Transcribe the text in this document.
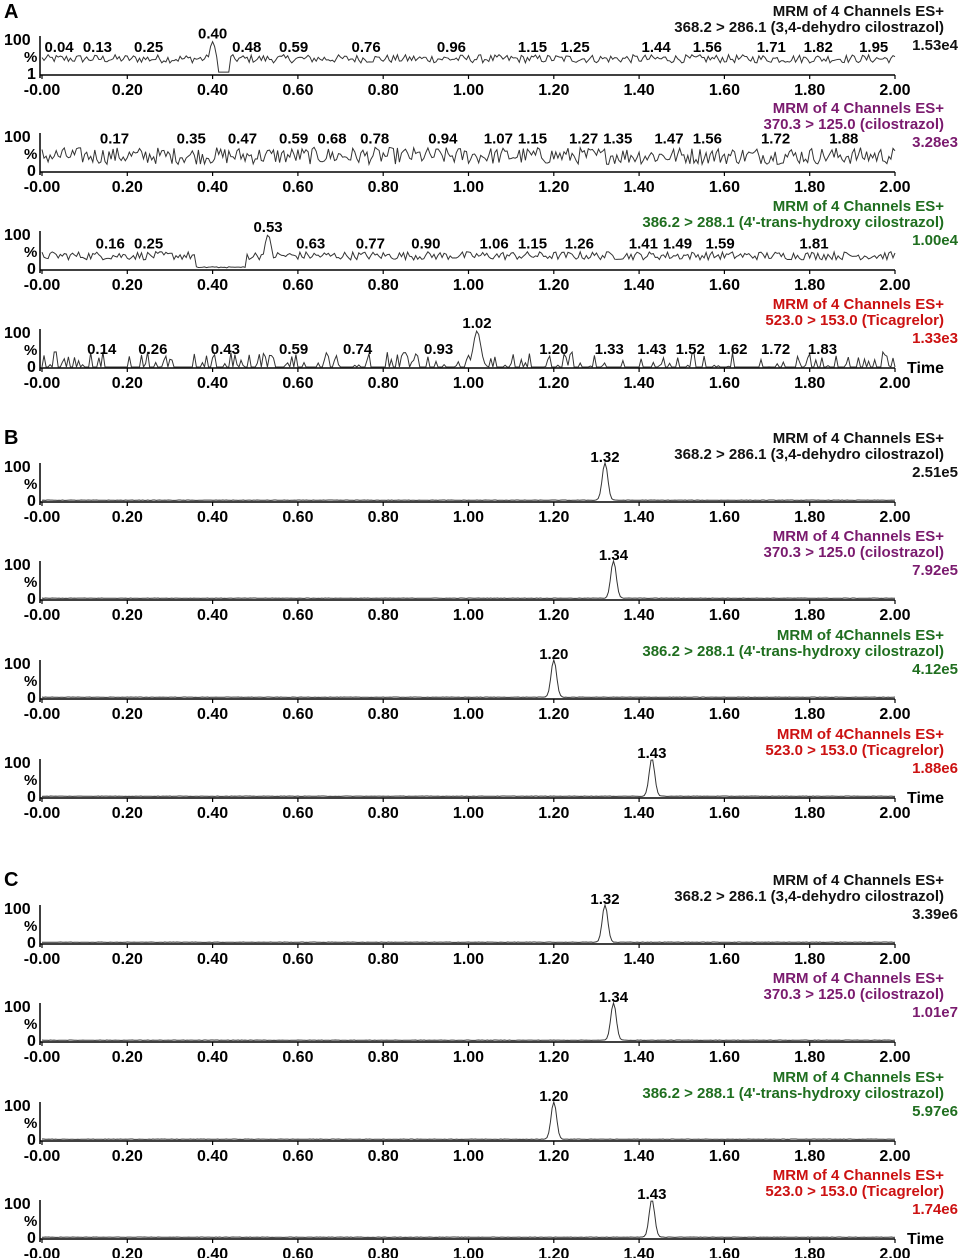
A
100
%
1
-0.00	0.20	0.40	0.60	0.80	1.00	1.20	1.40	1.60	1.80	2.00
MRM of 4 Channels ES+
368.2 > 286.1 (3,4-dehydro cilostrazol)
1.53e4
0.04 0.13 0.25
0.40
0.48 0.59	0.76	0.96	1.15 1.25	1.44 1.56 1.71 1.82 1.95
100
%
0
-0.00	0.20	0.40	0.60	0.80	1.00	1.20	1.40	1.60	1.80	2.00
MRM of 4 Channels ES+
370.3 > 125.0 (cilostrazol)
3.28e3
0.17	0.35 0.47 0.59 0.68 0.78	0.94 1.07 1.15 1.27 1.35 1.47 1.56	1.72	1.88
100
%
0
-0.00	0.20	0.40	0.60	0.80	1.00	1.20	1.40	1.60	1.80	2.00
MRM of 4 Channels ES+
386.2 > 288.1 (4'-trans-hydroxy cilostrazol)
1.00e4
0.16 0.25
0.53
0.63 0.77 0.90	1.06 1.15 1.26 1.41 1.49 1.59	1.81
100
%
0
-0.00	0.20	0.40	0.60	0.80	1.00	1.20	1.40	1.60	1.80	2.00
Time
MRM of 4 Channels ES+
523.0 > 153.0 (Ticagrelor)
1.33e3
0.14 0.26	0.43	0.59 0.74	0.93
1.02
1.20 1.33 1.43 1.52 1.62 1.72 1.83
B
100
%
0
-0.00	0.20	0.40	0.60	0.80	1.00	1.20	1.40	1.60	1.80	2.00
MRM of 4 Channels ES+
368.2 > 286.1 (3,4-dehydro cilostrazol)
2.51e5
1.32
100
%
0
-0.00	0.20	0.40	0.60	0.80	1.00	1.20	1.40	1.60	1.80	2.00
MRM of 4 Channels ES+
370.3 > 125.0 (cilostrazol)
7.92e5
1.34
100
%
0
-0.00	0.20	0.40	0.60	0.80	1.00	1.20	1.40	1.60	1.80	2.00
MRM of 4Channels ES+
386.2 > 288.1 (4'-trans-hydroxy cilostrazol)
4.12e5
1.20
100
%
0
-0.00	0.20	0.40	0.60	0.80	1.00	1.20	1.40	1.60	1.80	2.00
Time
MRM of 4Channels ES+
523.0 > 153.0 (Ticagrelor)
1.88e6
1.43
C
100
%
0
-0.00	0.20	0.40	0.60	0.80	1.00	1.20	1.40	1.60	1.80	2.00
MRM of 4 Channels ES+
368.2 > 286.1 (3,4-dehydro cilostrazol)
3.39e6
1.32
100
%
0
-0.00	0.20	0.40	0.60	0.80	1.00	1.20	1.40	1.60	1.80	2.00
MRM of 4 Channels ES+
370.3 > 125.0 (cilostrazol)
1.01e7
1.34
100
%
0
-0.00	0.20	0.40	0.60	0.80	1.00	1.20	1.40	1.60	1.80	2.00
MRM of 4 Channels ES+
386.2 > 288.1 (4'-trans-hydroxy cilostrazol)
5.97e6
1.20
100
%
0
-0.00	0.20	0.40	0.60	0.80	1.00	1.20	1.40	1.60	1.80	2.00
Time
MRM of 4 Channels ES+
523.0 > 153.0 (Ticagrelor)
1.74e6
1.43
